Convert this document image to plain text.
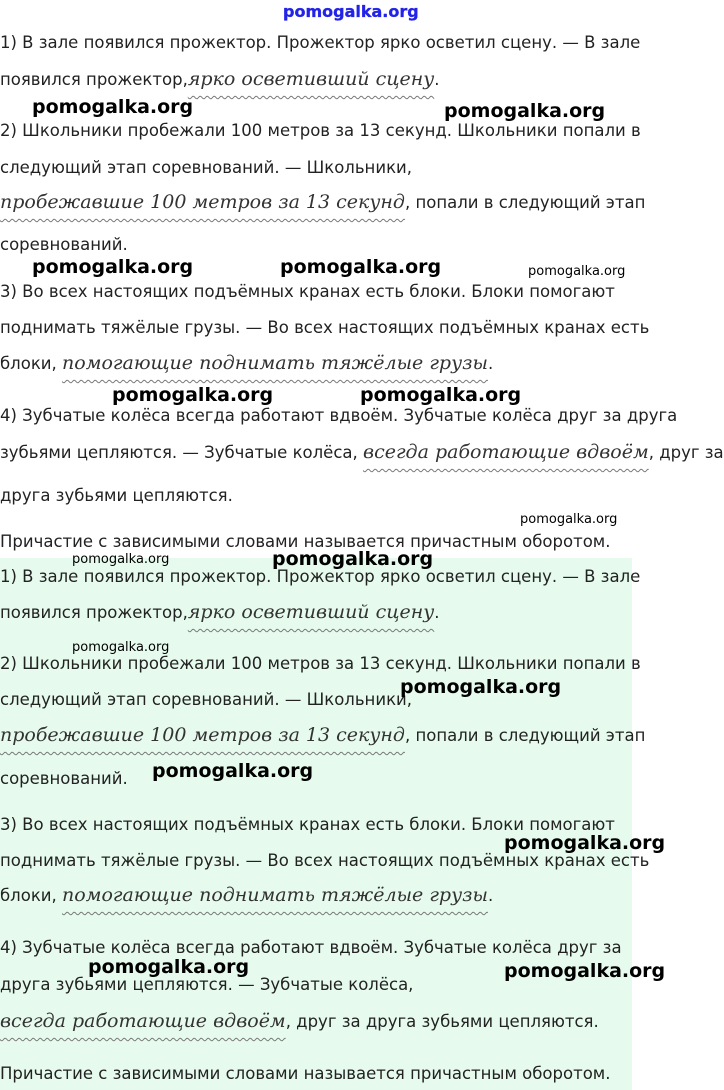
pomogalka.org
1) В зале появился прожектор. Прожектор ярко осветил сцену. — В зале
появился прожектор,ярко осветивший сцену.
2) Школьники пробежали 100 метров за 13 секунд. Школьники попали в
следующий этап соревнований. — Школьники,
пробежавшие 100 метров за 13 секунд, попали в следующий этап
соревнований.
3) Во всех настоящих подъёмных кранах есть блоки. Блоки помогают
поднимать тяжёлые грузы. — Во всех настоящих подъёмных кранах есть
блоки, помогающие поднимать тяжёлые грузы.
4) Зубчатые колёса всегда работают вдвоём. Зубчатые колёса друг за друга
зубьями цепляются. — Зубчатые колёса, всегда работающие вдвоём, друг за
друга зубьями цепляются.
Причастие с зависимыми словами называется причастным оборотом.
1) В зале появился прожектор. Прожектор ярко осветил сцену. — В зале
появился прожектор,ярко осветивший сцену.
2) Школьники пробежали 100 метров за 13 секунд. Школьники попали в
следующий этап соревнований. — Школьники,
пробежавшие 100 метров за 13 секунд, попали в следующий этап
соревнований.
3) Во всех настоящих подъёмных кранах есть блоки. Блоки помогают
поднимать тяжёлые грузы. — Во всех настоящих подъёмных кранах есть
блоки, помогающие поднимать тяжёлые грузы.
4) Зубчатые колёса всегда работают вдвоём. Зубчатые колёса друг за
друга зубьями цепляются. — Зубчатые колёса,
всегда работающие вдвоём, друг за друга зубьями цепляются.
Причастие с зависимыми словами называется причастным оборотом.
pomogalka.org	pomogalka.org
pomogalka.org	pomogalka.org	pomogalka.org
pomogalka.org	pomogalka.org
pomogalka.org
pomogalka.org	pomogalka.org
pomogalka.org
pomogalka.org
pomogalka.org
pomogalka.org
pomogalka.org	pomogalka.org
